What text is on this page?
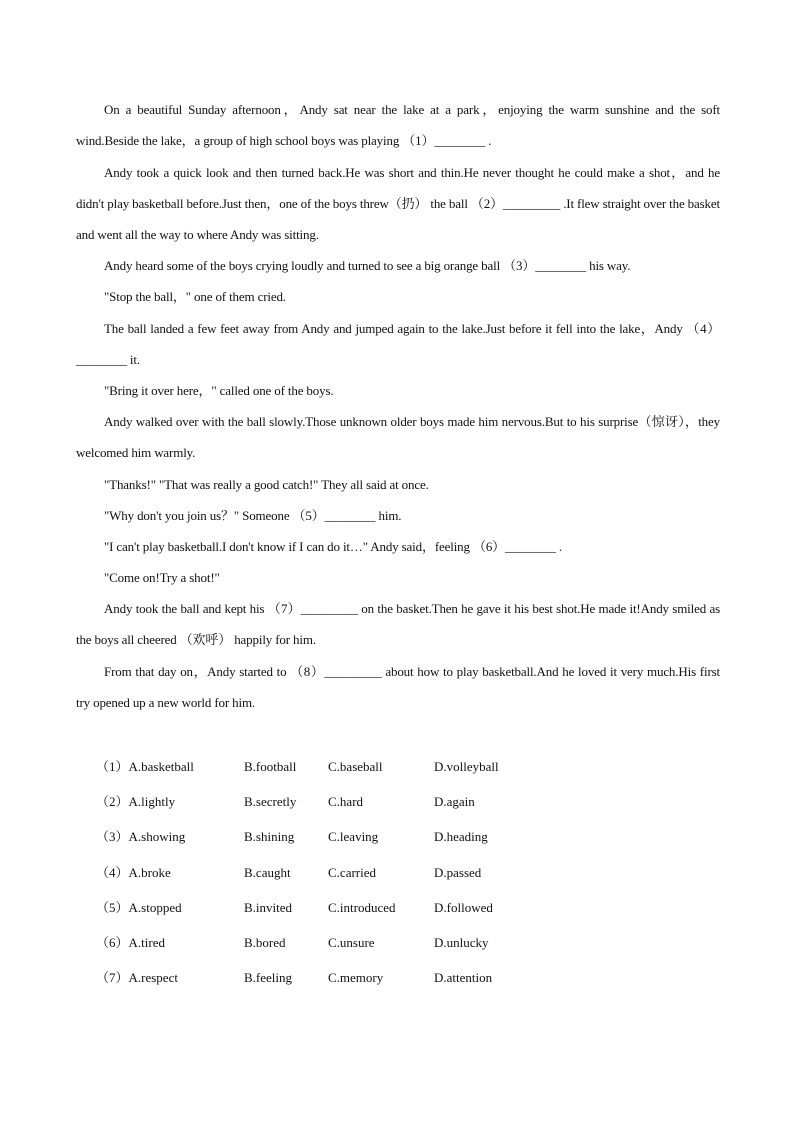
On a beautiful Sunday afternoon，Andy sat near the lake at a park，enjoying the warm sunshine and the soft wind.Beside the lake，a group of high school boys was playing （1）________ .

Andy took a quick look and then turned back.He was short and thin.He never thought he could make a shot，and he didn't play basketball before.Just then，one of the boys threw（扔） the ball （2）_________ .It flew straight over the basket and went all the way to where Andy was sitting.

Andy heard some of the boys crying loudly and turned to see a big orange ball （3）________ his way.

"Stop the ball，" one of them cried.

The ball landed a few feet away from Andy and jumped again to the lake.Just before it fell into the lake，Andy （4）________ it.

"Bring it over here，" called one of the boys.

Andy walked over with the ball slowly.Those unknown older boys made him nervous.But to his surprise（惊讶），they welcomed him warmly.

"Thanks!" "That was really a good catch!" They all said at once.

"Why don't you join us？" Someone （5）________ him.

"I can't play basketball.I don't know if I can do it…" Andy said，feeling （6）________ .

"Come on!Try a shot!"

Andy took the ball and kept his （7）_________ on the basket.Then he gave it his best shot.He made it!Andy smiled as the boys all cheered （欢呼） happily for him.

From that day on，Andy started to （8）_________ about how to play basketball.And he loved it very much.His first try opened up a new world for him.

（1）A.basketball	B.football C.baseball	D.volleyball
（2）A.lightly	B.secretly C.hard	D.again
（3）A.showing	B.shining	C.leaving	D.heading
（4）A.broke	B.caught	C.carried	D.passed
（5）A.stopped	B.invited	C.introduced	D.followed
（6）A.tired	B.bored	C.unsure	D.unlucky
（7）A.respect	B.feeling	C.memory	D.attention
